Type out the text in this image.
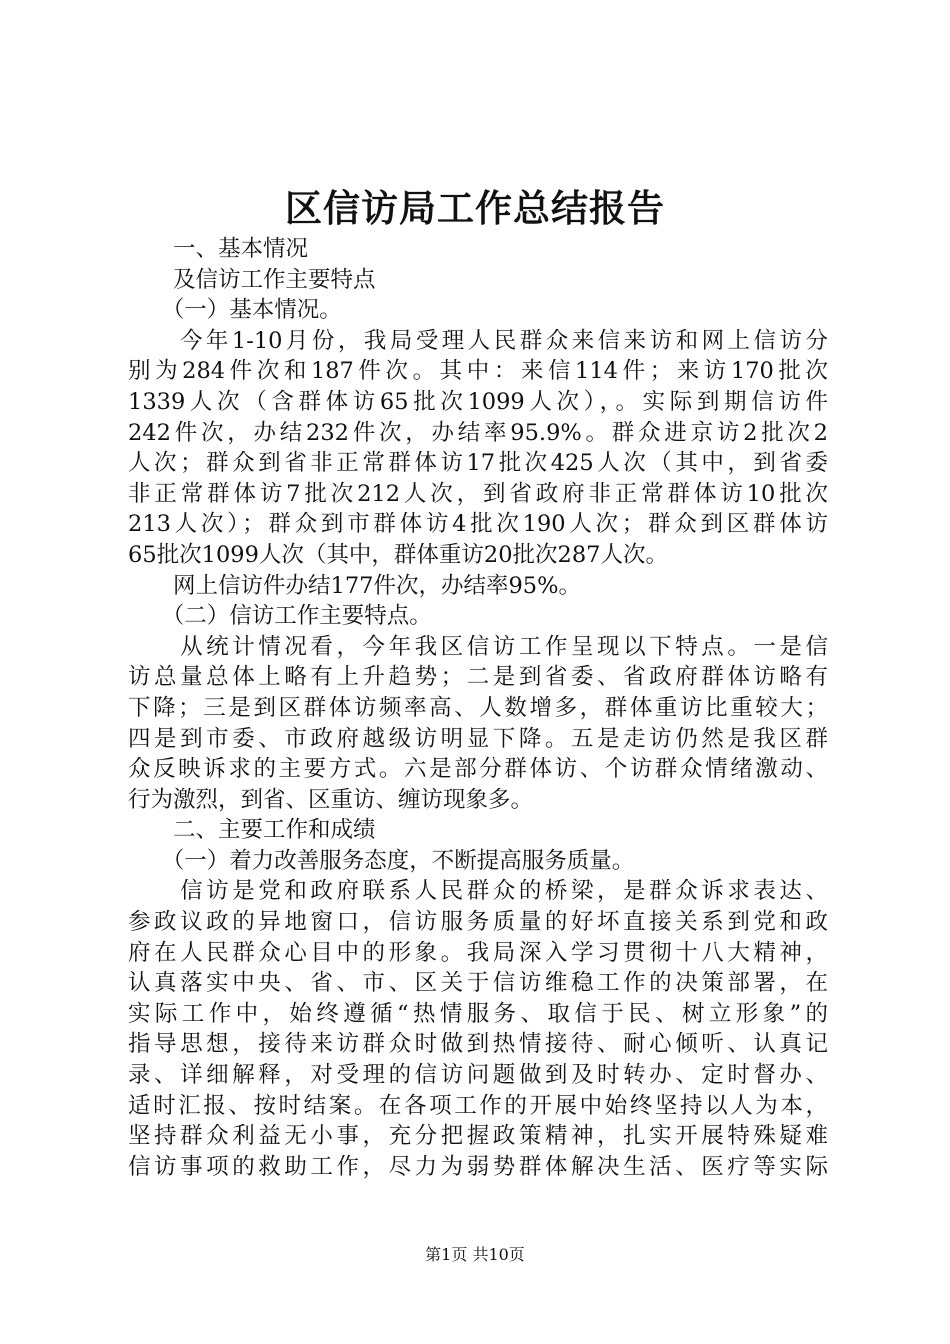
区信访局工作总结报告
　　一、基本情况
　　及信访工作主要特点
　　（一）基本情况。
　　今年1-10月份，我局受理人民群众来信来访和网上信访分
别为284件次和187件次。其中：来信114件；来访170批次
1339人次（含群体访65批次1099人次），。实际到期信访件
242件次，办结232件次，办结率95.9%。群众进京访2批次2
人次；群众到省非正常群体访17批次425人次（其中，到省委
非正常群体访7批次212人次，到省政府非正常群体访10批次
213人次）；群众到市群体访4批次190人次；群众到区群体访
65批次1099人次（其中，群体重访20批次287人次。
　　网上信访件办结177件次，办结率95%。
　　（二）信访工作主要特点。
　　从统计情况看，今年我区信访工作呈现以下特点。一是信
访总量总体上略有上升趋势；二是到省委、省政府群体访略有
下降；三是到区群体访频率高、人数增多，群体重访比重较大；
四是到市委、市政府越级访明显下降。五是走访仍然是我区群
众反映诉求的主要方式。六是部分群体访、个访群众情绪激动、
行为激烈，到省、区重访、缠访现象多。
　　二、主要工作和成绩
　　（一）着力改善服务态度，不断提高服务质量。
　　信访是党和政府联系人民群众的桥梁，是群众诉求表达、
参政议政的异地窗口，信访服务质量的好坏直接关系到党和政
府在人民群众心目中的形象。我局深入学习贯彻十八大精神，
认真落实中央、省、市、区关于信访维稳工作的决策部署，在
实际工作中，始终遵循“热情服务、取信于民、树立形象”的
指导思想，接待来访群众时做到热情接待、耐心倾听、认真记
录、详细解释，对受理的信访问题做到及时转办、定时督办、
适时汇报、按时结案。在各项工作的开展中始终坚持以人为本，
坚持群众利益无小事，充分把握政策精神，扎实开展特殊疑难
信访事项的救助工作，尽力为弱势群体解决生活、医疗等实际
第1页 共10页
